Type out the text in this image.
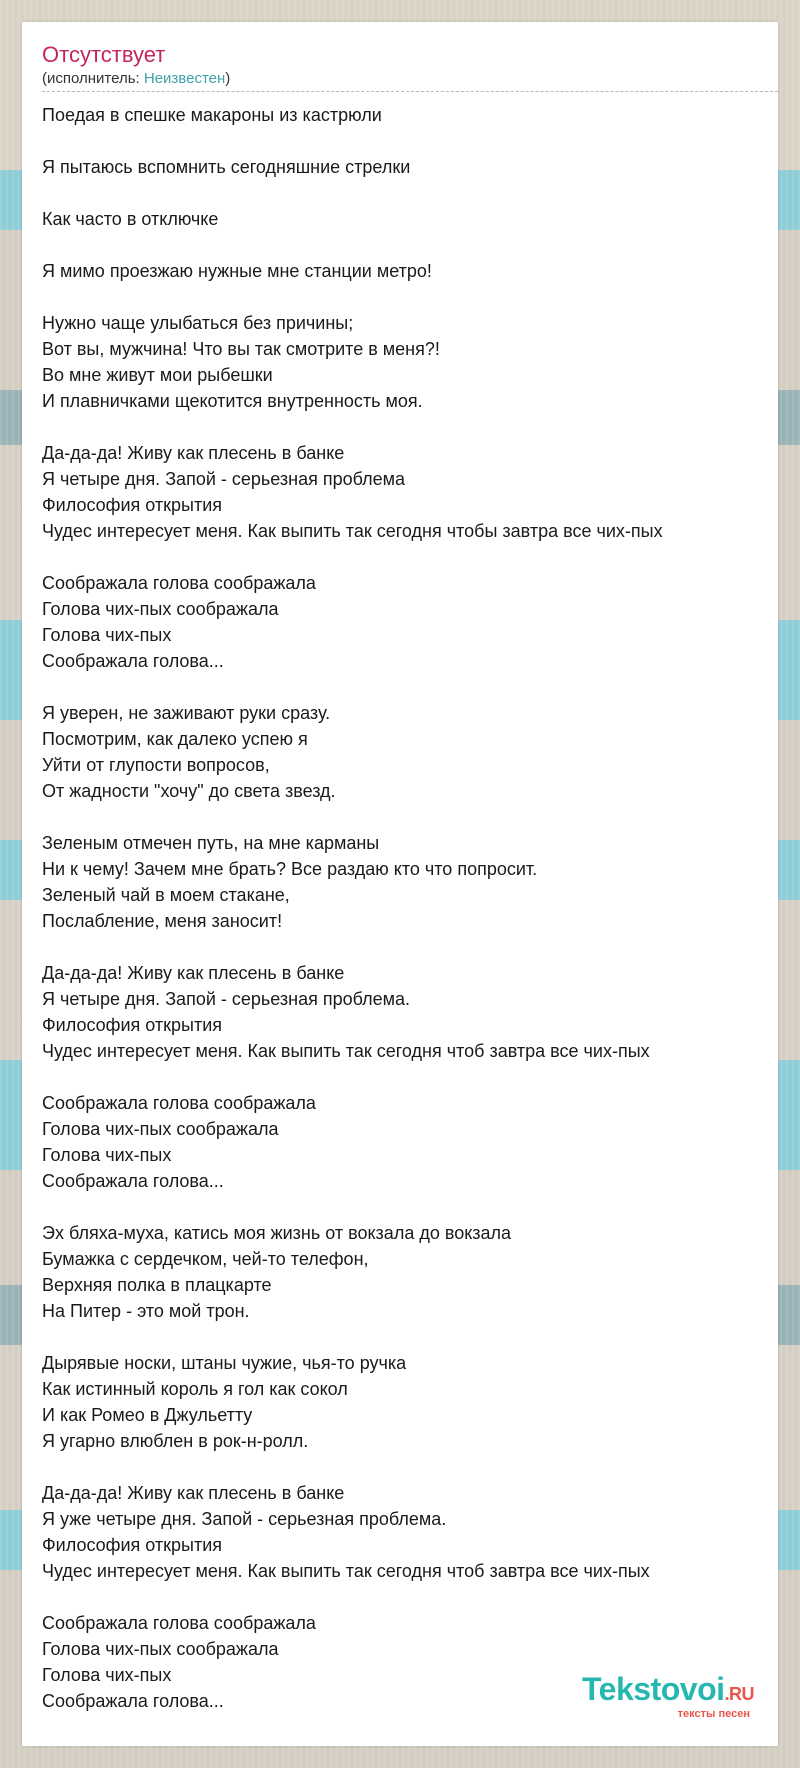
Отсутствует
(исполнитель: Неизвестен)
Поедая в спешке макароны из кастрюли
Я пытаюсь вспомнить сегодняшние стрелки
Как часто в отключке
Я мимо проезжаю нужные мне станции метро!
Нужно чаще улыбаться без причины;
Вот вы, мужчина! Что вы так смотрите в меня?!
Во мне живут мои рыбешки
И плавничками щекотится внутренность моя.
Да-да-да! Живу как плесень в банке
Я четыре дня. Запой - серьезная проблема
Философия открытия
Чудес интересует меня. Как выпить так сегодня чтобы завтра все чих-пых
Соображала голова соображала
Голова чих-пых соображала
Голова чих-пых
Соображала голова...
Я уверен, не заживают руки сразу.
Посмотрим, как далеко успею я
Уйти от глупости вопросов,
От жадности "хочу" до света звезд.
Зеленым отмечен путь, на мне карманы
Ни к чему! Зачем мне брать? Все раздаю кто что попросит.
Зеленый чай в моем стакане,
Послабление, меня заносит!
Да-да-да! Живу как плесень в банке
Я четыре дня. Запой - серьезная проблема.
Философия открытия
Чудес интересует меня. Как выпить так сегодня чтоб завтра все чих-пых
Соображала голова соображала
Голова чих-пых соображала
Голова чих-пых
Соображала голова...
Эх бляха-муха, катись моя жизнь от вокзала до вокзала
Бумажка с сердечком, чей-то телефон,
Верхняя полка в плацкарте
На Питер - это мой трон.
Дырявые носки, штаны чужие, чья-то ручка
Как истинный король я гол как сокол
И как Ромео в Джульетту
Я угарно влюблен в рок-н-ролл.
Да-да-да! Живу как плесень в банке
Я уже четыре дня. Запой - серьезная проблема.
Философия открытия
Чудес интересует меня. Как выпить так сегодня чтоб завтра все чих-пых
Соображала голова соображала
Голова чих-пых соображала
Голова чих-пых
Соображала голова...	Tekstovoi.RU
тексты песен
